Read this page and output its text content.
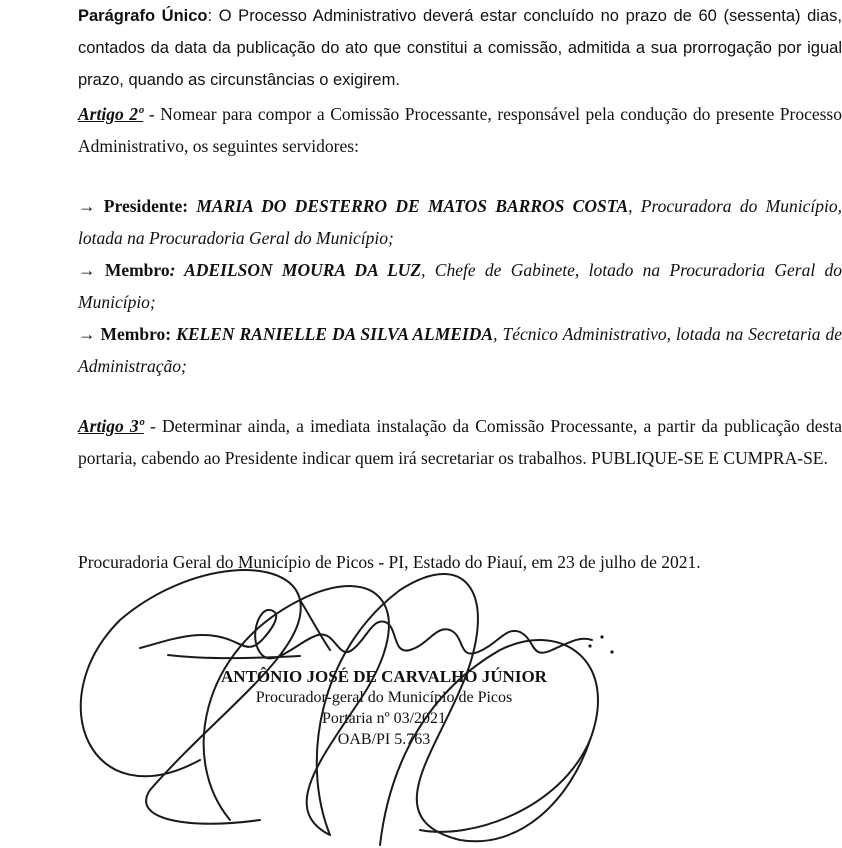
Parágrafo Único: O Processo Administrativo deverá estar concluído no prazo de 60 (sessenta) dias, contados da data da publicação do ato que constitui a comissão, admitida a sua prorrogação por igual prazo, quando as circunstâncias o exigirem.

Artigo 2º - Nomear para compor a Comissão Processante, responsável pela condução do presente Processo Administrativo, os seguintes servidores:

→ Presidente: MARIA DO DESTERRO DE MATOS BARROS COSTA, Procuradora do Município, lotada na Procuradoria Geral do Município;

→ Membro: ADEILSON MOURA DA LUZ, Chefe de Gabinete, lotado na Procuradoria Geral do Município;

→ Membro: KELEN RANIELLE DA SILVA ALMEIDA, Técnico Administrativo, lotada na Secretaria de Administração;

Artigo 3º - Determinar ainda, a imediata instalação da Comissão Processante, a partir da publicação desta portaria, cabendo ao Presidente indicar quem irá secretariar os trabalhos. PUBLIQUE-SE E CUMPRA-SE.

Procuradoria Geral do Município de Picos - PI, Estado do Piauí, em 23 de julho de 2021.

ANTÔNIO JOSÉ DE CARVALHO JÚNIOR
Procurador-geral do Município de Picos
Portaria nº 03/2021
OAB/PI 5.763
